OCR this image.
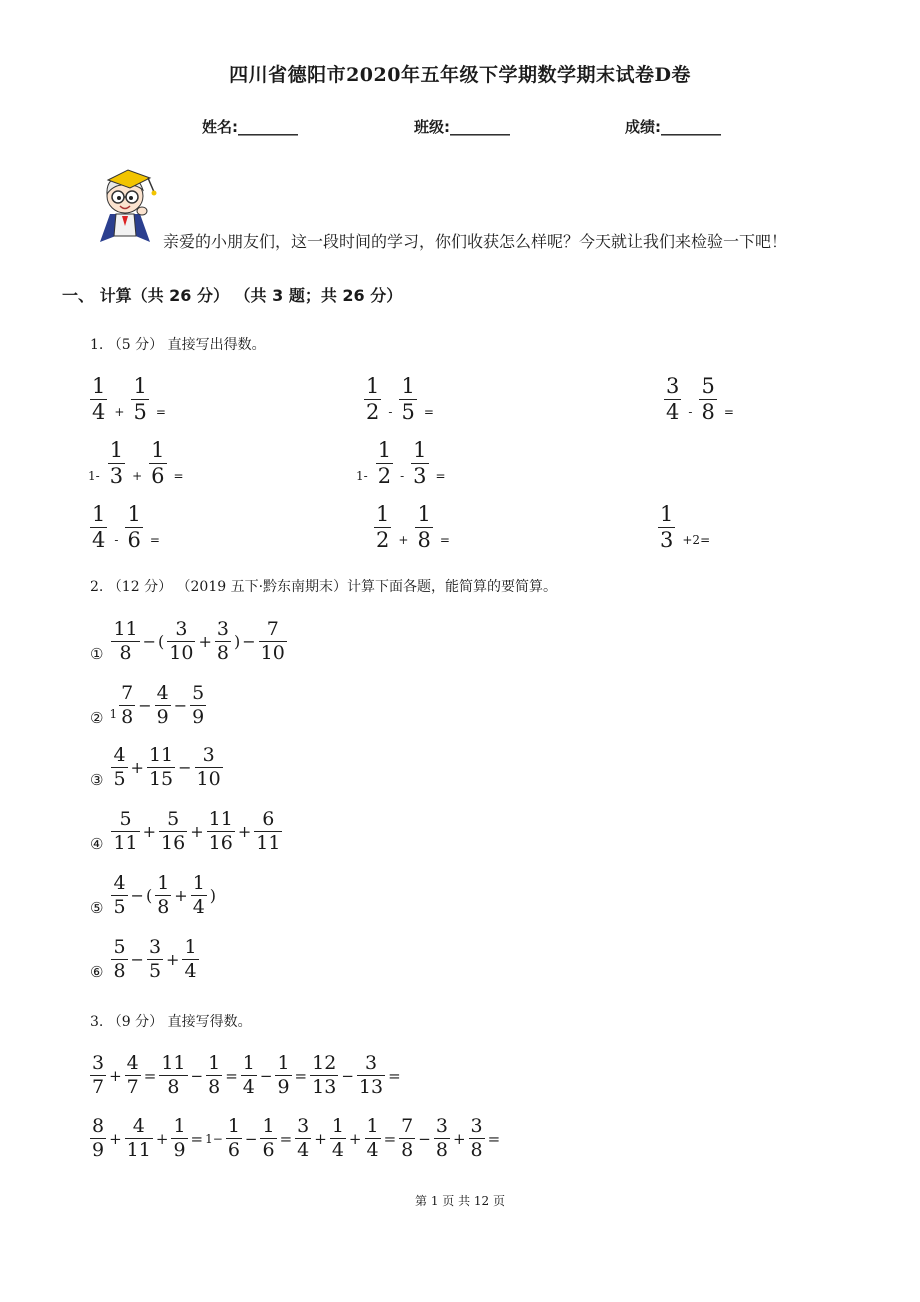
四川省德阳市2020年五年级下学期数学期末试卷D卷
姓名:________	班级:________	成绩:________
亲爱的小朋友们，这一段时间的学习，你们收获怎么样呢？今天就让我们来检验一下吧！
一、 计算（共 26 分） （共 3 题；共 26 分）
1. （5 分） 直接写出得数。
$\frac{1}{4} + \frac{1}{5}$ =	$\frac{1}{2} - \frac{1}{5}$ =	$\frac{3}{4} - \frac{5}{8}$ =
$1- \frac{1}{3} + \frac{1}{6}$ =	$1- \frac{1}{2} - \frac{1}{3}$ =
$\frac{1}{4} - \frac{1}{6}$ =	$\frac{1}{2} + \frac{1}{8}$ =	$\frac{1}{3} +2=$
2. （12 分） （2019 五下·黔东南期末）计算下面各题，能简算的要简算。
① $\frac{11}{8}$ − ( $\frac{3}{10} + \frac{3}{8}$ ) − $\frac{7}{10}$
② $1 \frac{7}{8} - \frac{4}{9} - \frac{5}{9}$
③ $\frac{4}{5} + \frac{11}{15} - \frac{3}{10}$
④ $\frac{5}{11} + \frac{5}{16} + \frac{11}{16} + \frac{6}{11}$
⑤ $\frac{4}{5}$ − ( $\frac{1}{8} + \frac{1}{4}$ )
⑥ $\frac{5}{8} - \frac{3}{5} + \frac{1}{4}$
3. （9 分） 直接写得数。
$\frac{3}{7} + \frac{4}{7} = \frac{11}{8} - \frac{1}{8} = \frac{1}{4} - \frac{1}{9} = \frac{12}{13} - \frac{3}{13}$ =
$\frac{8}{9} + \frac{4}{11} + \frac{1}{9} = 1- \frac{1}{6} - \frac{1}{6} = \frac{3}{4} + \frac{1}{4} + \frac{1}{4} = \frac{7}{8} - \frac{3}{8} + \frac{3}{8}$ =
第 1 页 共 12 页
